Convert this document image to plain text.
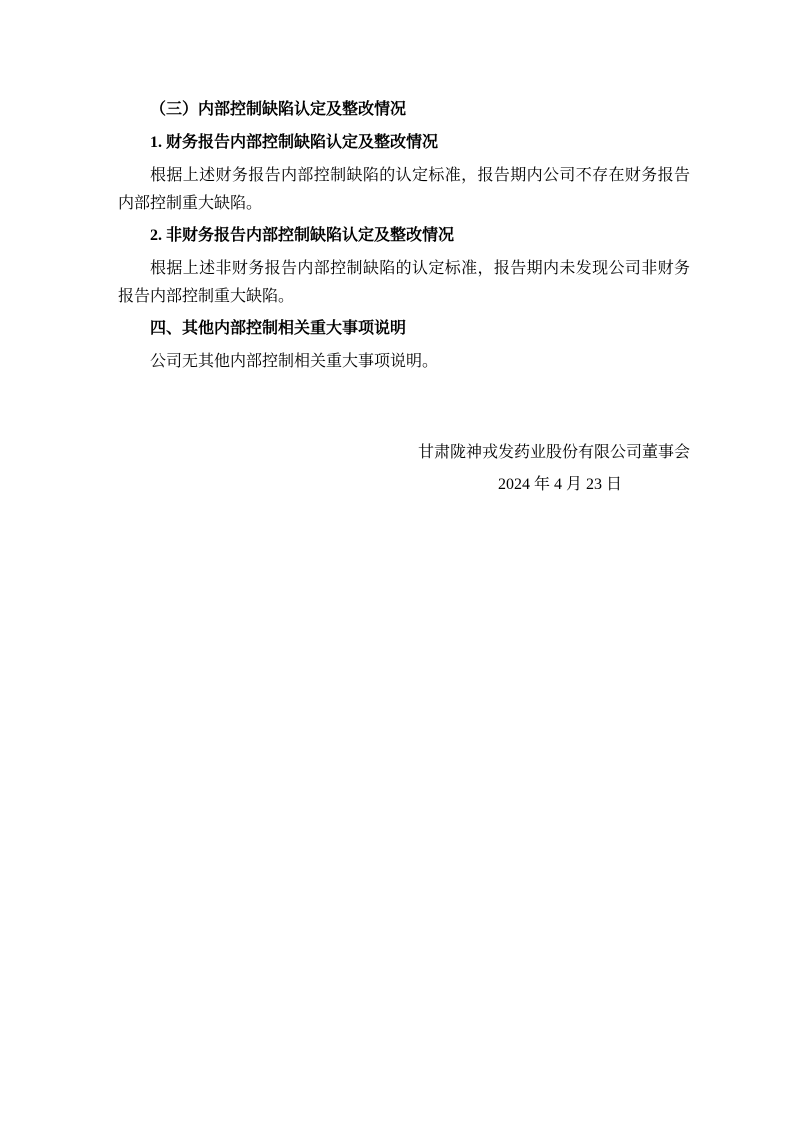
（三）内部控制缺陷认定及整改情况
1. 财务报告内部控制缺陷认定及整改情况
根据上述财务报告内部控制缺陷的认定标准，报告期内公司不存在财务报告内部控制重大缺陷。
2. 非财务报告内部控制缺陷认定及整改情况
根据上述非财务报告内部控制缺陷的认定标准，报告期内未发现公司非财务报告内部控制重大缺陷。
四、其他内部控制相关重大事项说明
公司无其他内部控制相关重大事项说明。
甘肃陇神戎发药业股份有限公司董事会
2024 年 4 月 23 日
